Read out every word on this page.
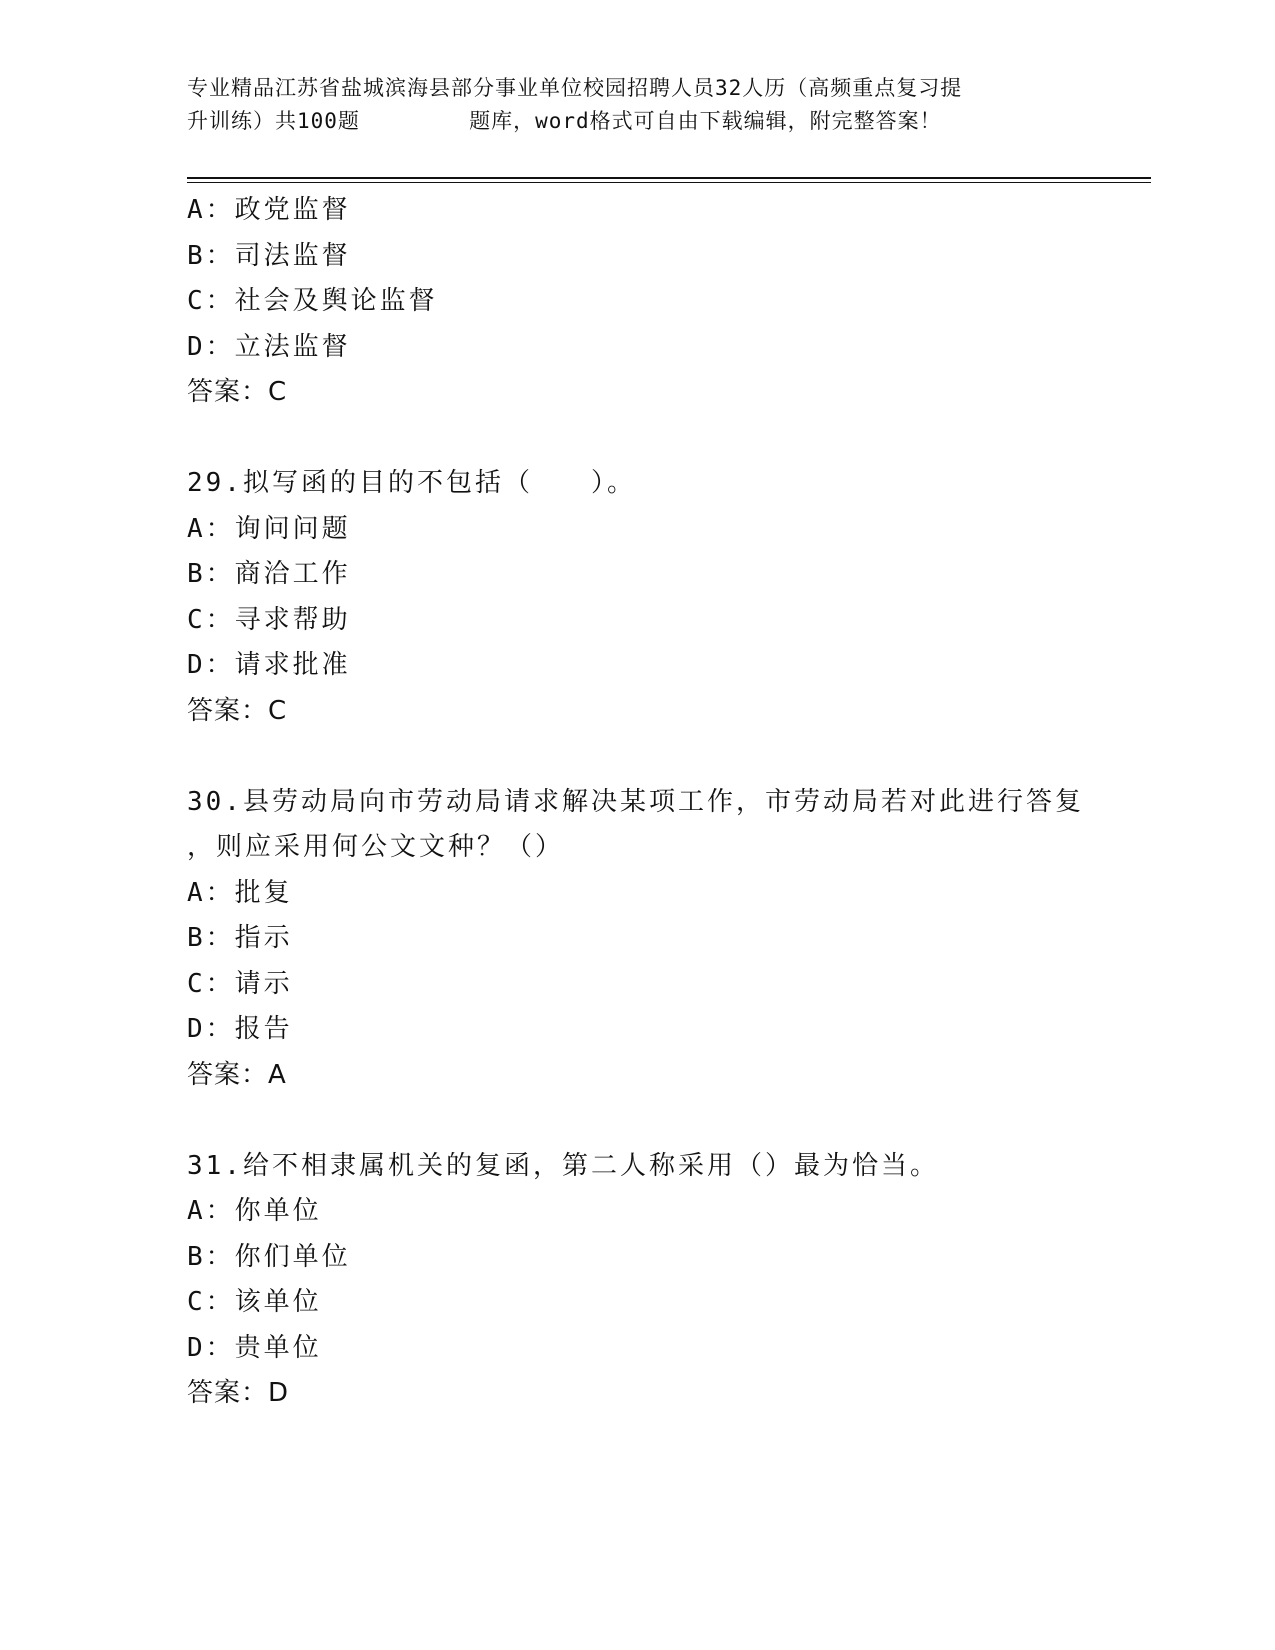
专业精品江苏省盐城滨海县部分事业单位校园招聘人员32人历（高频重点复习提
升训练）共100题        题库，word格式可自由下载编辑，附完整答案！
A：政党监督
B：司法监督
C：社会及舆论监督
D：立法监督
答案：C
29.拟写函的目的不包括（　　）。
A：询问问题
B：商洽工作
C：寻求帮助
D：请求批准
答案：C
30.县劳动局向市劳动局请求解决某项工作，市劳动局若对此进行答复
，则应采用何公文文种？（）
A：批复
B：指示
C：请示
D：报告
答案：A
31.给不相隶属机关的复函，第二人称采用（）最为恰当。
A：你单位
B：你们单位
C：该单位
D：贵单位
答案：D
